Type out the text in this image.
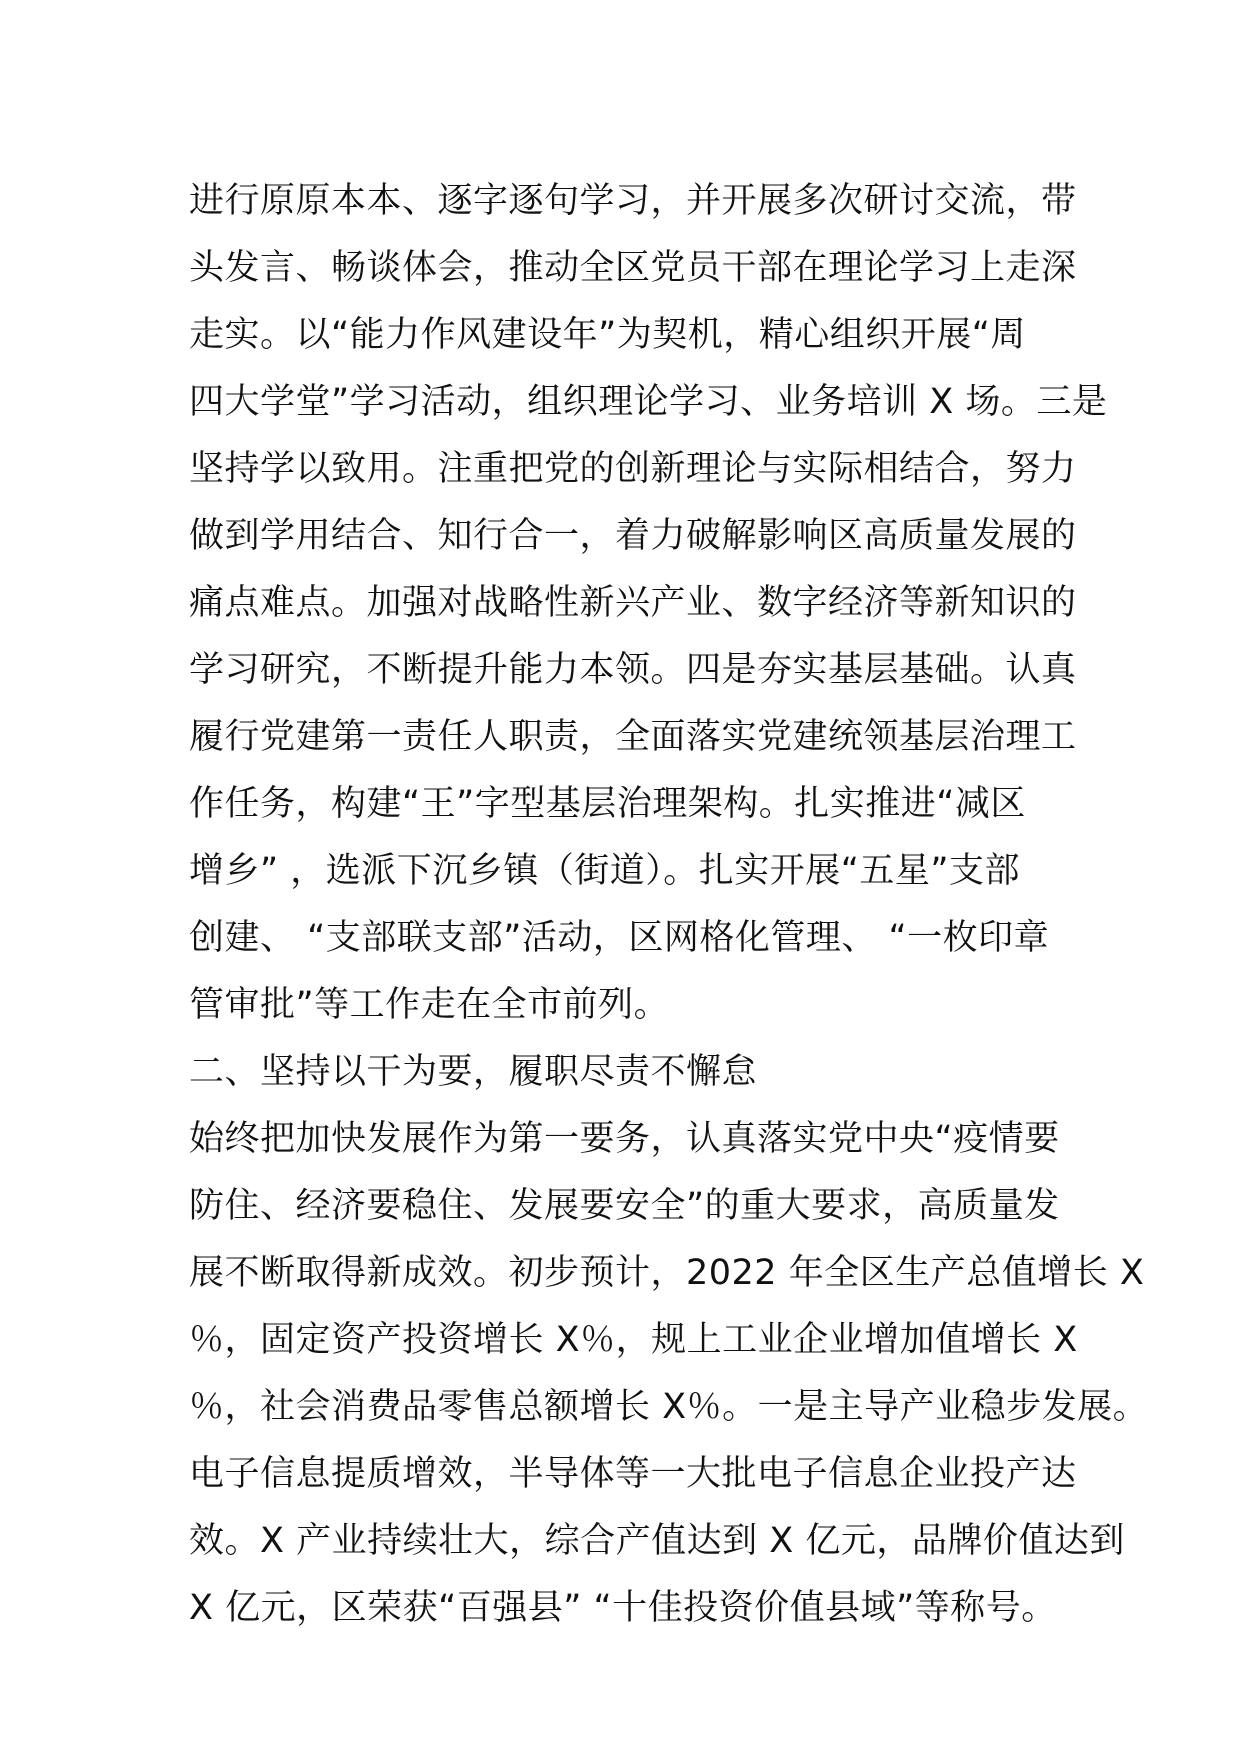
进行原原本本、逐字逐句学习，并开展多次研讨交流，带
头发言、畅谈体会，推动全区党员干部在理论学习上走深
走实。以“能力作风建设年”为契机，精心组织开展“周
四大学堂”学习活动，组织理论学习、业务培训 X 场。三是
坚持学以致用。注重把党的创新理论与实际相结合，努力
做到学用结合、知行合一，着力破解影响区高质量发展的
痛点难点。加强对战略性新兴产业、数字经济等新知识的
学习研究，不断提升能力本领。四是夯实基层基础。认真
履行党建第一责任人职责，全面落实党建统领基层治理工
作任务，构建“王”字型基层治理架构。扎实推进“减区
增乡” ，选派下沉乡镇（街道）。扎实开展“五星”支部
创建、 “支部联支部”活动，区网格化管理、 “一枚印章
管审批”等工作走在全市前列。
二、坚持以干为要，履职尽责不懈怠
始终把加快发展作为第一要务，认真落实党中央“疫情要
防住、经济要稳住、发展要安全”的重大要求，高质量发
展不断取得新成效。初步预计，2022 年全区生产总值增长 X
％，固定资产投资增长 X％，规上工业企业增加值增长 X
％，社会消费品零售总额增长 X％。一是主导产业稳步发展。
电子信息提质增效，半导体等一大批电子信息企业投产达
效。X 产业持续壮大，综合产值达到 X 亿元，品牌价值达到
X 亿元，区荣获“百强县” “十佳投资价值县域”等称号。
